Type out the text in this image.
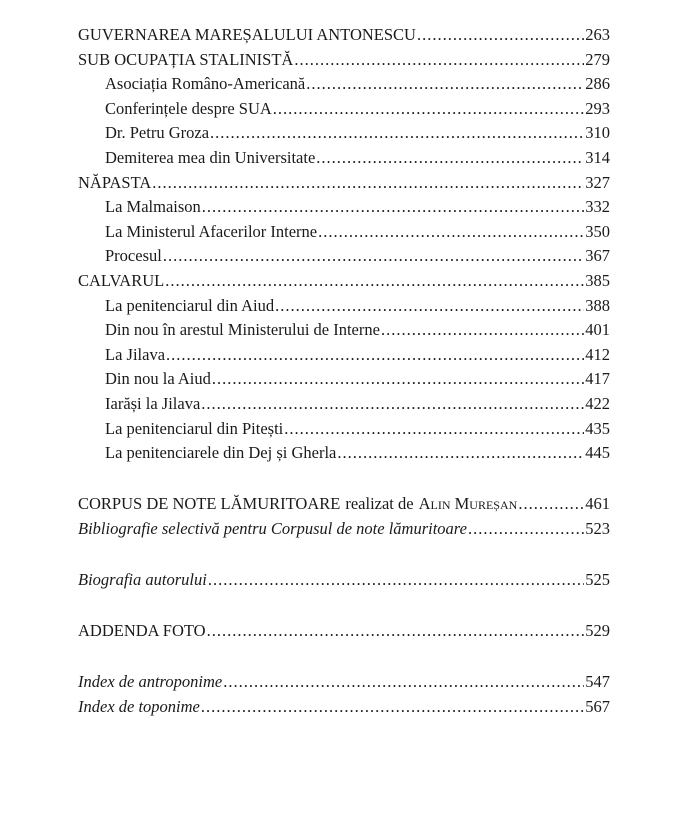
GUVERNAREA MAREȘALULUI ANTONESCU .....	263
SUB OCUPAȚIA STALINISTĂ .....	279
Asociația Româno-Americană .....	286
Conferințele despre SUA .....	293
Dr. Petru Groza .....	310
Demiterea mea din Universitate .....	314
NĂPASTA .....	327
La Malmaison .....	332
La Ministerul Afacerilor Interne .....	350
Procesul .....	367
CALVARUL .....	385
La penitenciarul din Aiud .....	388
Din nou în arestul Ministerului de Interne .....	401
La Jilava .....	412
Din nou la Aiud .....	417
Iarăși la Jilava .....	422
La penitenciarul din Pitești .....	435
La penitenciarele din Dej și Gherla .....	445
CORPUS DE NOTE LĂMURITOARE realizat de Alin Mureșan .....	461
Bibliografie selectivă pentru Corpusul de note lămuritoare .....	523
Biografia autorului .....	525
ADDENDA FOTO .....	529
Index de antroponime .....	547
Index de toponime .....	567
